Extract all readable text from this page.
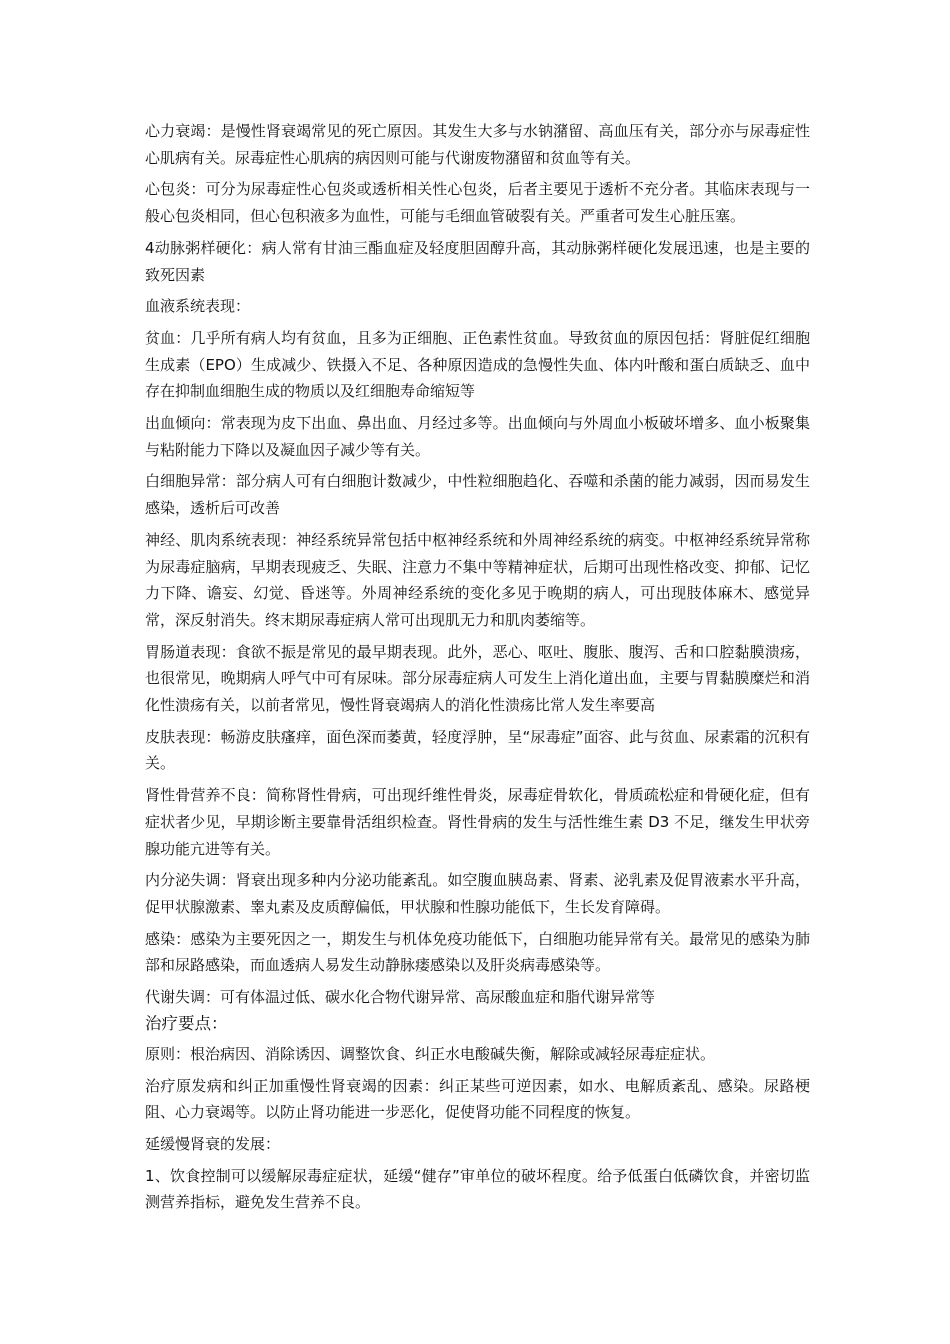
心力衰竭：是慢性肾衰竭常见的死亡原因。其发生大多与水钠潴留、高血压有关，部分亦与尿毒症性心肌病有关。尿毒症性心肌病的病因则可能与代谢废物潴留和贫血等有关。

心包炎：可分为尿毒症性心包炎或透析相关性心包炎，后者主要见于透析不充分者。其临床表现与一般心包炎相同，但心包积液多为血性，可能与毛细血管破裂有关。严重者可发生心脏压塞。

4动脉粥样硬化：病人常有甘油三酯血症及轻度胆固醇升高，其动脉粥样硬化发展迅速，也是主要的致死因素

血液系统表现：

贫血：几乎所有病人均有贫血，且多为正细胞、正色素性贫血。导致贫血的原因包括：肾脏促红细胞生成素（EPO）生成减少、铁摄入不足、各种原因造成的急慢性失血、体内叶酸和蛋白质缺乏、血中存在抑制血细胞生成的物质以及红细胞寿命缩短等

出血倾向：常表现为皮下出血、鼻出血、月经过多等。出血倾向与外周血小板破坏增多、血小板聚集与粘附能力下降以及凝血因子减少等有关。

白细胞异常：部分病人可有白细胞计数减少，中性粒细胞趋化、吞噬和杀菌的能力减弱，因而易发生感染，透析后可改善

神经、肌肉系统表现：神经系统异常包括中枢神经系统和外周神经系统的病变。中枢神经系统异常称为尿毒症脑病，早期表现疲乏、失眠、注意力不集中等精神症状，后期可出现性格改变、抑郁、记忆力下降、谵妄、幻觉、昏迷等。外周神经系统的变化多见于晚期的病人，可出现肢体麻木、感觉异常，深反射消失。终末期尿毒症病人常可出现肌无力和肌肉萎缩等。

胃肠道表现：食欲不振是常见的最早期表现。此外，恶心、呕吐、腹胀、腹泻、舌和口腔黏膜溃疡，也很常见，晚期病人呼气中可有尿味。部分尿毒症病人可发生上消化道出血，主要与胃黏膜糜烂和消化性溃疡有关，以前者常见，慢性肾衰竭病人的消化性溃疡比常人发生率要高

皮肤表现：畅游皮肤瘙痒，面色深而萎黄，轻度浮肿，呈“尿毒症”面容、此与贫血、尿素霜的沉积有关。

肾性骨营养不良：简称肾性骨病，可出现纤维性骨炎，尿毒症骨软化，骨质疏松症和骨硬化症，但有症状者少见，早期诊断主要靠骨活组织检查。肾性骨病的发生与活性维生素 D3 不足，继发生甲状旁腺功能亢进等有关。

内分泌失调：肾衰出现多种内分泌功能紊乱。如空腹血胰岛素、肾素、泌乳素及促胃液素水平升高，促甲状腺激素、睾丸素及皮质醇偏低，甲状腺和性腺功能低下，生长发育障碍。

感染：感染为主要死因之一，期发生与机体免疫功能低下，白细胞功能异常有关。最常见的感染为肺部和尿路感染，而血透病人易发生动静脉瘘感染以及肝炎病毒感染等。

代谢失调：可有体温过低、碳水化合物代谢异常、高尿酸血症和脂代谢异常等

治疗要点：

原则：根治病因、消除诱因、调整饮食、纠正水电酸碱失衡，解除或减轻尿毒症症状。

治疗原发病和纠正加重慢性肾衰竭的因素：纠正某些可逆因素，如水、电解质紊乱、感染。尿路梗阻、心力衰竭等。以防止肾功能进一步恶化，促使肾功能不同程度的恢复。

延缓慢肾衰的发展：

1、饮食控制可以缓解尿毒症症状，延缓“健存”审单位的破坏程度。给予低蛋白低磷饮食，并密切监测营养指标，避免发生营养不良。
